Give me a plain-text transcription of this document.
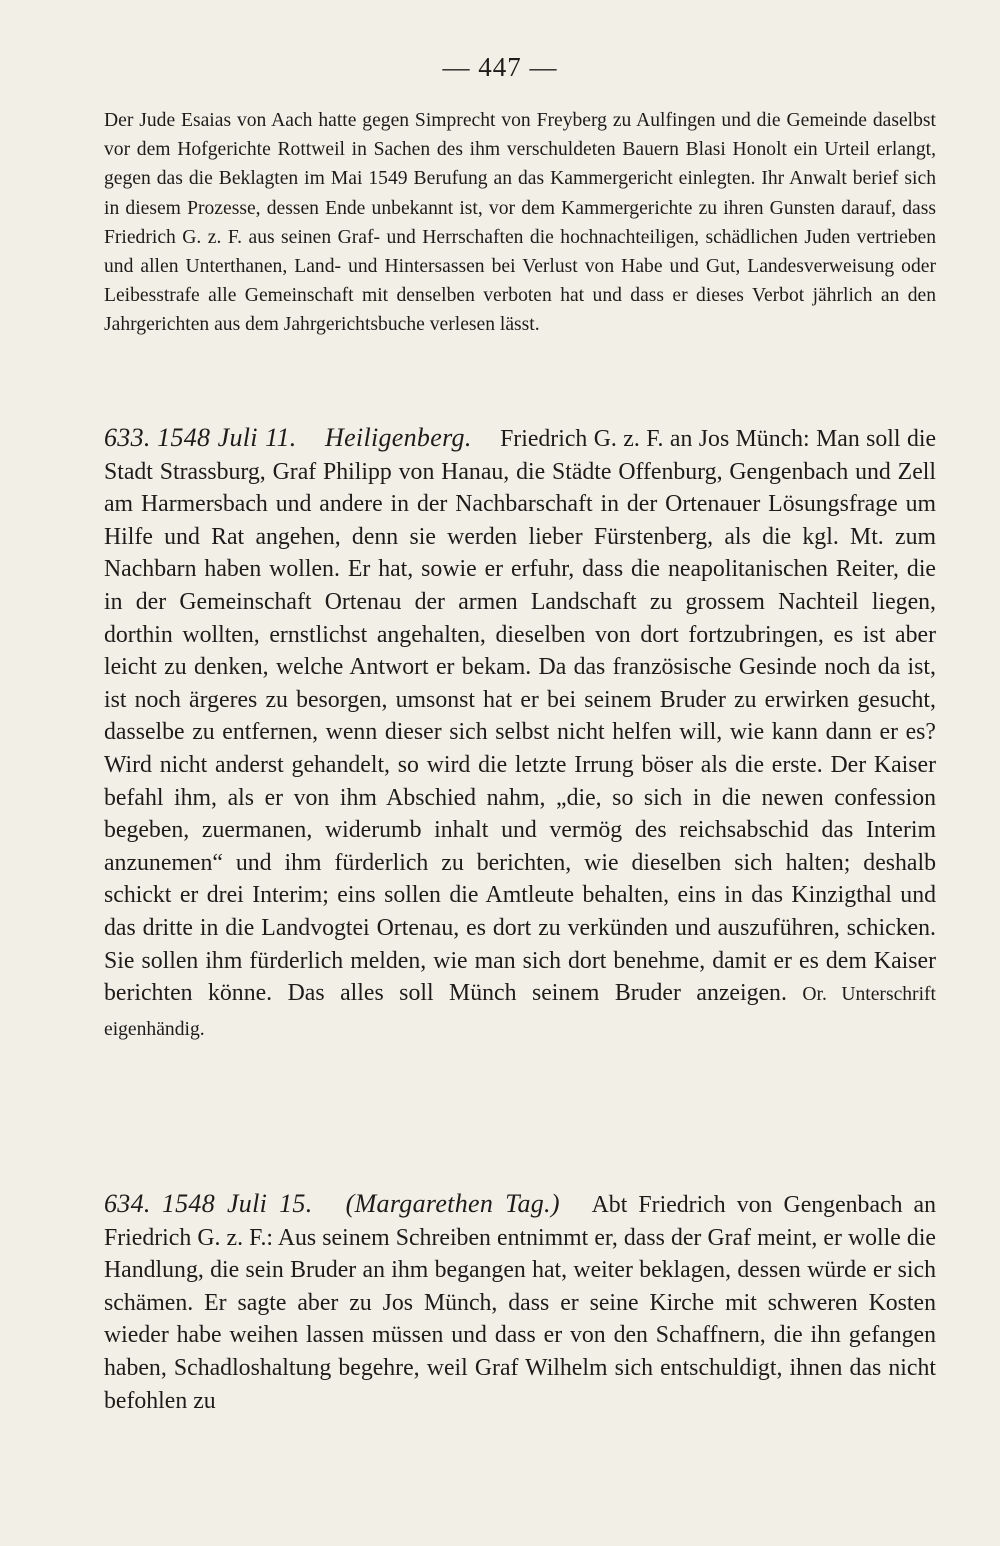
— 447 —
Der Jude Esaias von Aach hatte gegen Simprecht von Freyberg zu Aulfingen und die Gemeinde daselbst vor dem Hofgerichte Rottweil in Sachen des ihm verschuldeten Bauern Blasi Honolt ein Urteil erlangt, gegen das die Beklagten im Mai 1549 Berufung an das Kammergericht einlegten. Ihr Anwalt berief sich in diesem Prozesse, dessen Ende unbekannt ist, vor dem Kammergerichte zu ihren Gunsten darauf, dass Friedrich G. z. F. aus seinen Graf- und Herrschaften die hochnachteiligen, schädlichen Juden vertrieben und allen Unterthanen, Land- und Hintersassen bei Verlust von Habe und Gut, Landesverweisung oder Leibesstrafe alle Gemeinschaft mit denselben verboten hat und dass er dieses Verbot jährlich an den Jahrgerichten aus dem Jahrgerichtsbuche verlesen lässt.
633. 1548 Juli 11. Heiligenberg. Friedrich G. z. F. an Jos Münch: Man soll die Stadt Strassburg, Graf Philipp von Hanau, die Städte Offenburg, Gengenbach und Zell am Harmersbach und andere in der Nachbarschaft in der Ortenauer Lösungsfrage um Hilfe und Rat angehen, denn sie werden lieber Fürstenberg, als die kgl. Mt. zum Nachbarn haben wollen. Er hat, sowie er erfuhr, dass die neapolitanischen Reiter, die in der Gemeinschaft Ortenau der armen Landschaft zu grossem Nachteil liegen, dorthin wollten, ernstlichst angehalten, dieselben von dort fortzubringen, es ist aber leicht zu denken, welche Antwort er bekam. Da das französische Gesinde noch da ist, ist noch ärgeres zu besorgen, umsonst hat er bei seinem Bruder zu erwirken gesucht, dasselbe zu entfernen, wenn dieser sich selbst nicht helfen will, wie kann dann er es? Wird nicht anderst gehandelt, so wird die letzte Irrung böser als die erste. Der Kaiser befahl ihm, als er von ihm Abschied nahm, „die, so sich in die newen confession begeben, zuermanen, widerumb inhalt und vermög des reichsabschid das Interim anzunemen“ und ihm fürderlich zu berichten, wie dieselben sich halten; deshalb schickt er drei Interim; eins sollen die Amtleute behalten, eins in das Kinzigthal und das dritte in die Landvogtei Ortenau, es dort zu verkünden und auszuführen, schicken. Sie sollen ihm fürderlich melden, wie man sich dort benehme, damit er es dem Kaiser berichten könne. Das alles soll Münch seinem Bruder anzeigen. Or. Unterschrift eigenhändig.
634. 1548 Juli 15. (Margarethen Tag.) Abt Friedrich von Gengenbach an Friedrich G. z. F.: Aus seinem Schreiben entnimmt er, dass der Graf meint, er wolle die Handlung, die sein Bruder an ihm begangen hat, weiter beklagen, dessen würde er sich schämen. Er sagte aber zu Jos Münch, dass er seine Kirche mit schweren Kosten wieder habe weihen lassen müssen und dass er von den Schaffnern, die ihn gefangen haben, Schadloshaltung begehre, weil Graf Wilhelm sich entschuldigt, ihnen das nicht befohlen zu
